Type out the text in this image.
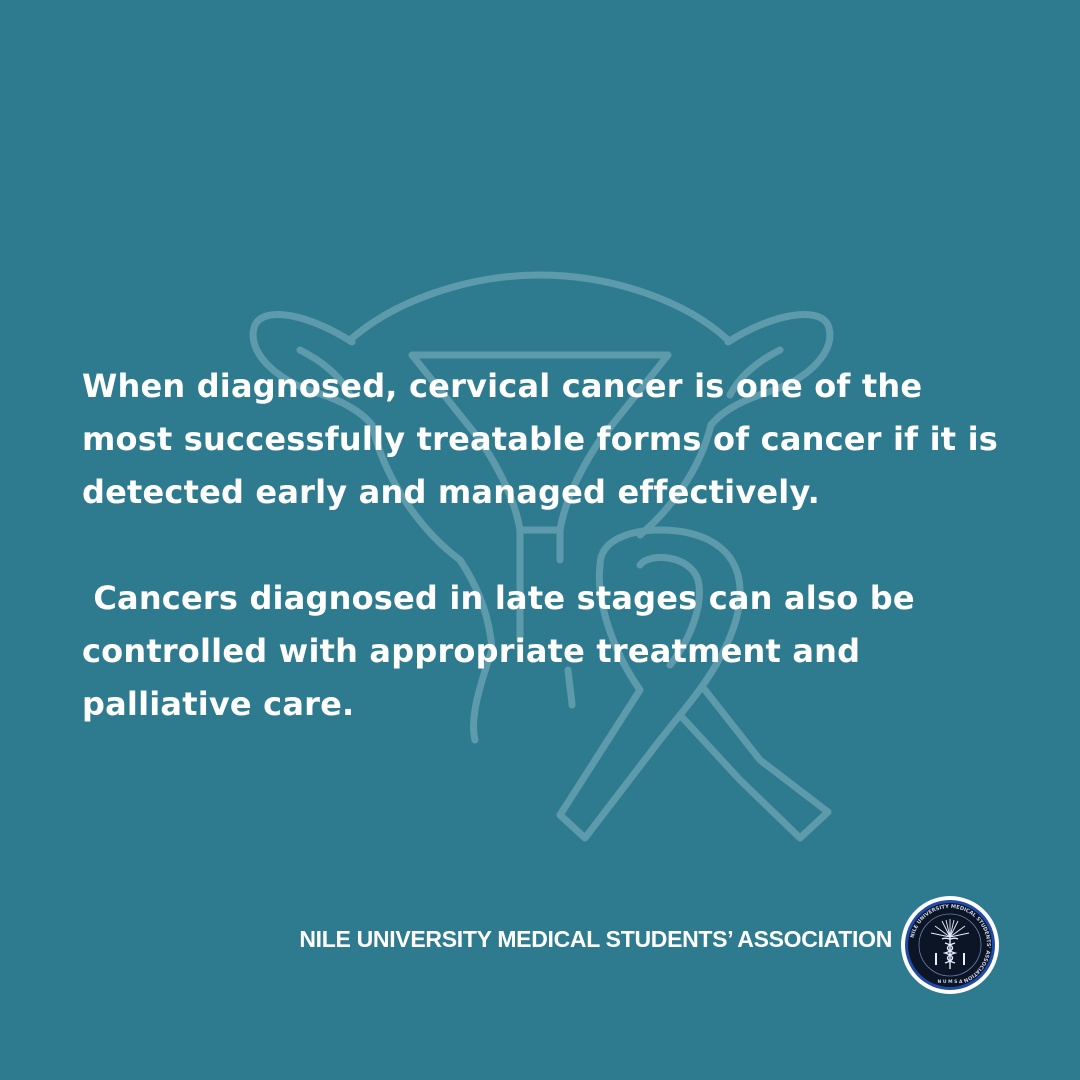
When diagnosed, cervical cancer is one of the most successfully treatable forms of cancer if it is detected early and managed effectively.

Cancers diagnosed in late stages can also be controlled with appropriate treatment and palliative care.

NILE UNIVERSITY MEDICAL STUDENTS’ ASSOCIATION	NILE UNIVERSITY MEDICAL STUDENTS' ASSOCIATION
N U M S A
